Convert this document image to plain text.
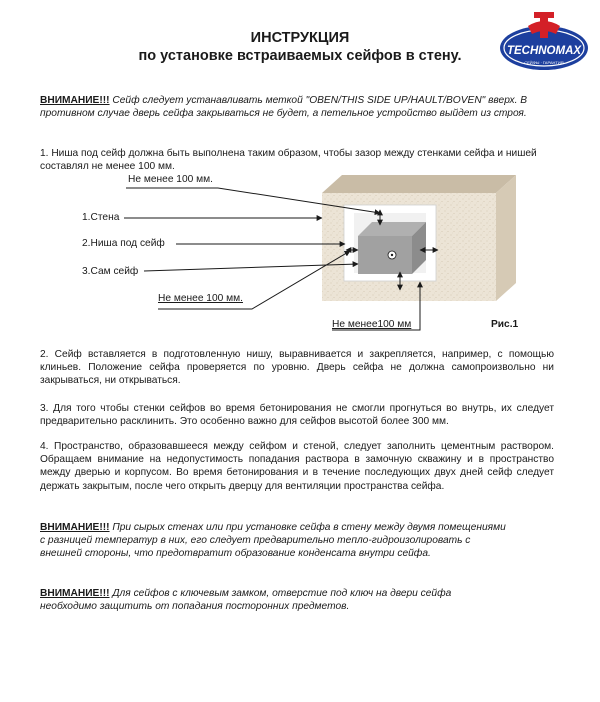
ИНСТРУКЦИЯ
по установке встраиваемых сейфов в стену.	TECHNOMAX
СЕЙФЫ · ГАРАНТИЯ
ВНИМАНИЕ!!! Сейф следует устанавливать меткой "OBEN/THIS SIDE UP/HAULT/BOVEN" вверх. В противном случае дверь сейфа закрываться не будет, а петельное устройство выйдет из строя.
1. Ниша под сейф должна быть выполнена таким образом, чтобы зазор между стенками сейфа и нишей составлял не менее 100 мм.
Не менее 100 мм.
1.Стена
2.Ниша под сейф
3.Сам сейф
Не менее 100 мм.
Не менее100 мм	Рис.1
2. Сейф вставляется в подготовленную нишу, выравнивается и закрепляется, например, с помощью клиньев. Положение сейфа проверяется по уровню. Дверь сейфа не должна самопроизвольно ни закрываться, ни открываться.
3. Для того чтобы стенки сейфов во время бетонирования не смогли прогнуться во внутрь, их следует предварительно расклинить. Это особенно важно для сейфов высотой более 300 мм.
4. Пространство, образовавшееся между сейфом и стеной, следует заполнить цементным раствором. Обращаем внимание на недопустимость попадания раствора в замочную скважину и в пространство между дверью и корпусом. Во время бетонирования и в течение последующих двух дней сейф следует держать закрытым, после чего открыть дверцу для вентиляции пространства сейфа.
ВНИМАНИЕ!!! При сырых стенах или при установке сейфа в стену между двумя помещениями с разницей температур в них, его следует предварительно тепло-гидроизолировать с внешней стороны, что предотвратит образование конденсата внутри сейфа.
ВНИМАНИЕ!!! Для сейфов с ключевым замком, отверстие под ключ на двери сейфа необходимо защитить от попадания посторонних предметов.
